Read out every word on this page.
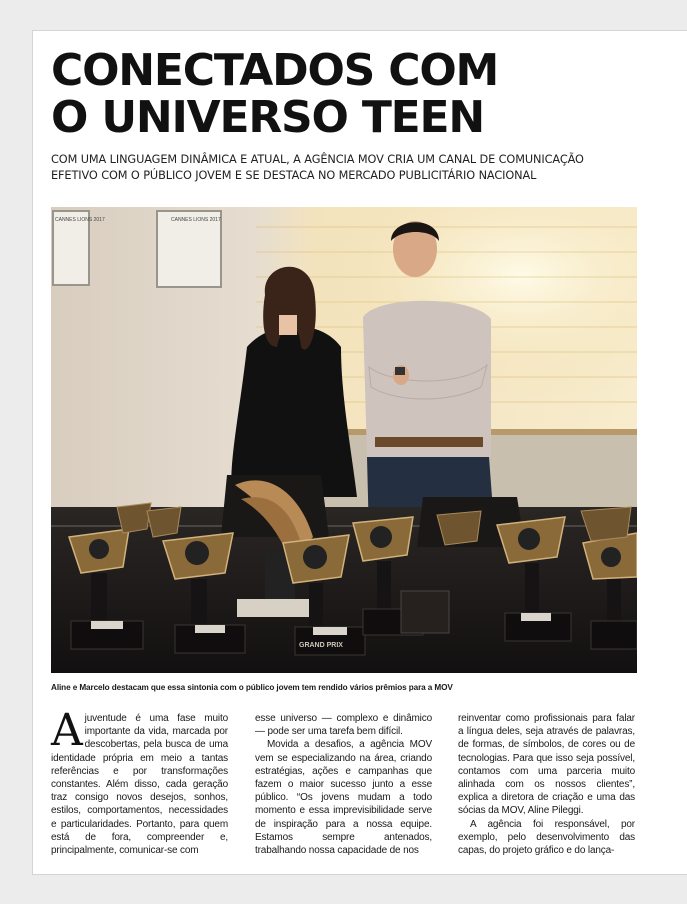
CONECTADOS COM
O UNIVERSO TEEN

COM UMA LINGUAGEM DINÂMICA E ATUAL, A AGÊNCIA MOV CRIA UM CANAL DE COMUNICAÇÃO
EFETIVO COM O PÚBLICO JOVEM E SE DESTACA NO MERCADO PUBLICITÁRIO NACIONAL

CANNES LIONS 2017	CANNES LIONS 2017
GRAND PRIX
Aline e Marcelo destacam que essa sintonia com o público jovem tem rendido vários prêmios para a MOV

A juventude é uma fase muito importante da vida, marcada por descobertas, pela busca de uma identidade própria em meio a tantas referências e por transformações constantes. Além disso, cada geração traz consigo novos desejos, sonhos, estilos, comportamentos, necessidades e particularidades. Portanto, para quem está de fora, compreender e, principalmente, comunicar-se com

esse universo — complexo e dinâmico — pode ser uma tarefa bem difícil.

Movida a desafios, a agência MOV vem se especializando na área, criando estratégias, ações e campanhas que fazem o maior sucesso junto a esse público. “Os jovens mudam a todo momento e essa imprevisibilidade serve de inspiração para a nossa equipe. Estamos sempre antenados, trabalhando nossa capacidade de nos

reinventar como profissionais para falar a língua deles, seja através de palavras, de formas, de símbolos, de cores ou de tecnologias. Para que isso seja possível, contamos com uma parceria muito alinhada com os nossos clientes”, explica a diretora de criação e uma das sócias da MOV, Aline Pileggi.

A agência foi responsável, por exemplo, pelo desenvolvimento das capas, do projeto gráfico e do lança-
